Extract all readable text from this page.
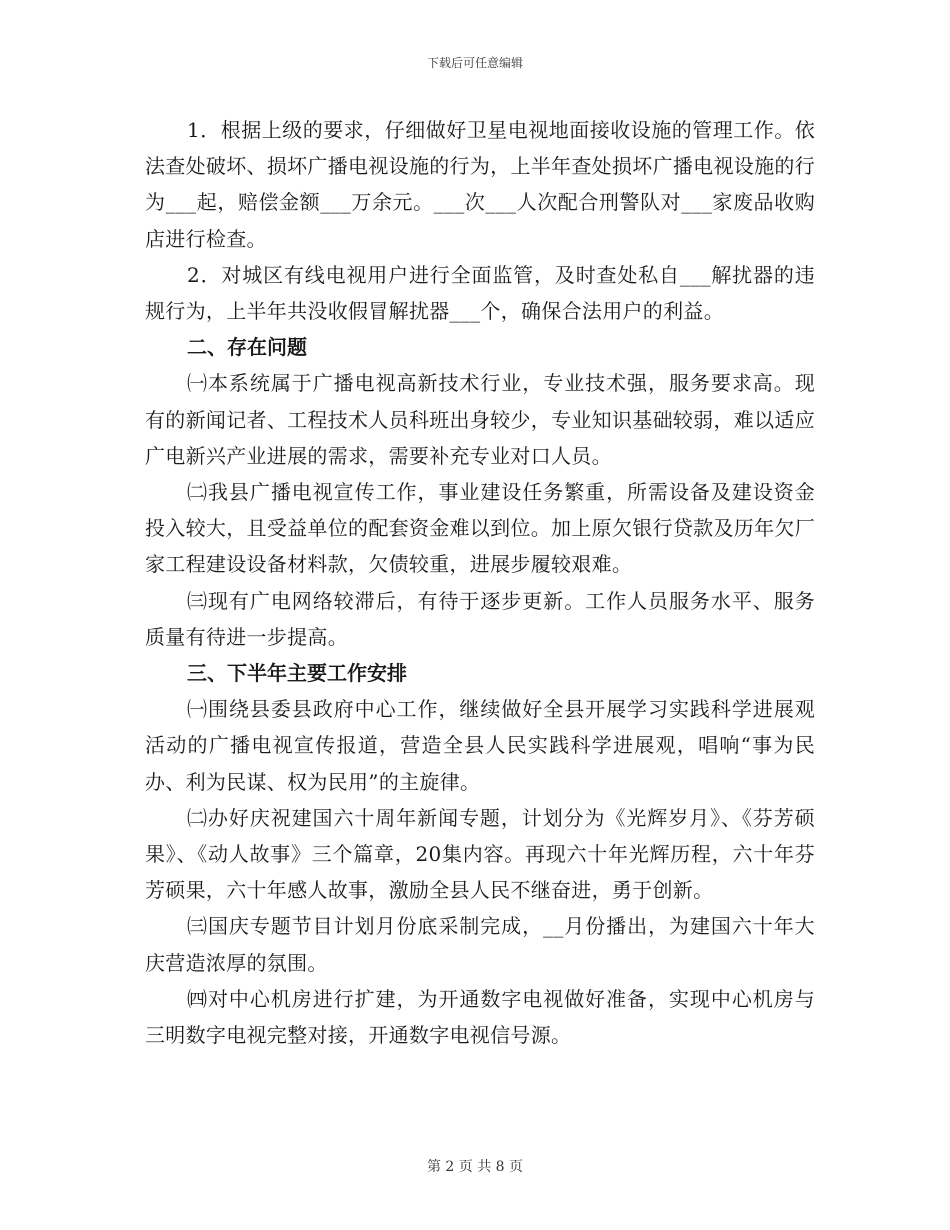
下载后可任意编辑

1．根据上级的要求，仔细做好卫星电视地面接收设施的管理工作。依法查处破坏、损坏广播电视设施的行为，上半年查处损坏广播电视设施的行为___起，赔偿金额___万余元。___次___人次配合刑警队对___家废品收购店进行检查。

2．对城区有线电视用户进行全面监管，及时查处私自___解扰器的违规行为，上半年共没收假冒解扰器___个，确保合法用户的利益。

二、存在问题

㈠本系统属于广播电视高新技术行业，专业技术强，服务要求高。现有的新闻记者、工程技术人员科班出身较少，专业知识基础较弱，难以适应广电新兴产业进展的需求，需要补充专业对口人员。

㈡我县广播电视宣传工作，事业建设任务繁重，所需设备及建设资金投入较大，且受益单位的配套资金难以到位。加上原欠银行贷款及历年欠厂家工程建设设备材料款，欠债较重，进展步履较艰难。

㈢现有广电网络较滞后，有待于逐步更新。工作人员服务水平、服务质量有待进一步提高。

三、下半年主要工作安排

㈠围绕县委县政府中心工作，继续做好全县开展学习实践科学进展观活动的广播电视宣传报道，营造全县人民实践科学进展观，唱响“事为民办、利为民谋、权为民用”的主旋律。

㈡办好庆祝建国六十周年新闻专题，计划分为《光辉岁月》、《芬芳硕果》、《动人故事》三个篇章，20集内容。再现六十年光辉历程，六十年芬芳硕果，六十年感人故事，激励全县人民不继奋进，勇于创新。

㈢国庆专题节目计划月份底采制完成，__月份播出，为建国六十年大庆营造浓厚的氛围。

㈣对中心机房进行扩建，为开通数字电视做好准备，实现中心机房与三明数字电视完整对接，开通数字电视信号源。

第 2 页 共 8 页
